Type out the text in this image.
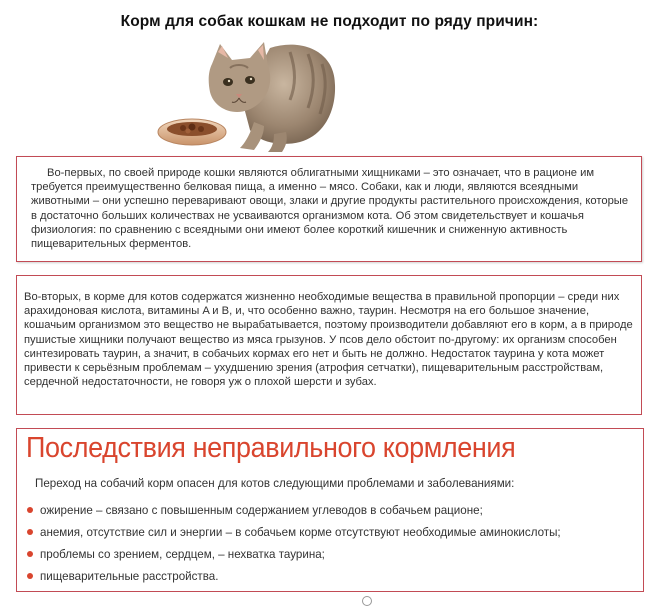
Корм для собак кошкам не подходит по ряду причин:

Во-первых, по своей природе кошки являются облигатными хищниками – это означает, что в рационе им требуется преимущественно белковая пища, а именно – мясо. Собаки, как и люди, являются всеядными животными – они успешно переваривают овощи, злаки и другие продукты растительного происхождения, которые в достаточно больших количествах не усваиваются организмом кота. Об этом свидетельствует и кошачья физиология: по сравнению с всеядными они имеют более короткий кишечник и сниженную активность пищеварительных ферментов.

Во-вторых, в корме для котов содержатся жизненно необходимые вещества в правильной пропорции – среди них арахидоновая кислота, витамины A и B, и, что особенно важно, таурин. Несмотря на его большое значение, кошачьим организмом это вещество не вырабатывается, поэтому производители добавляют его в корм, а в природе пушистые хищники получают вещество из мяса грызунов. У псов дело обстоит по-другому: их организм способен синтезировать таурин, а значит, в собачьих кормах его нет и быть не должно. Недостаток таурина у кота может привести к серьёзным проблемам – ухудшению зрения (атрофия сетчатки), пищеварительным расстройствам, сердечной недостаточности, не говоря уж о плохой шерсти и зубах.

Последствия неправильного кормления
Переход на собачий корм опасен для котов следующими проблемами и заболеваниями:
ожирение – связано с повышенным содержанием углеводов в собачьем рационе;
анемия, отсутствие сил и энергии – в собачьем корме отсутствуют необходимые аминокислоты;
проблемы со зрением, сердцем, – нехватка таурина;
пищеварительные расстройства.
